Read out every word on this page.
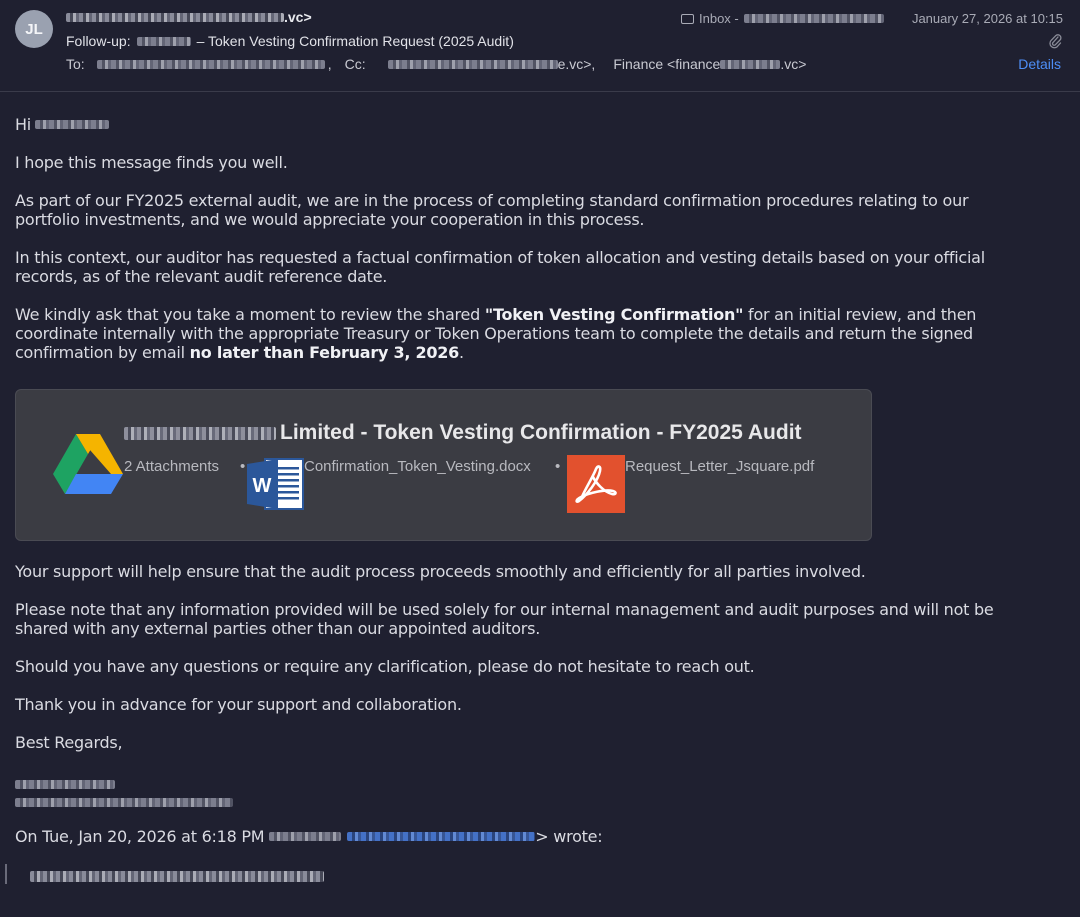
JL
.vc>
Follow-up:	– Token Vesting Confirmation Request (2025 Audit)
To:	, Cc:	e.vc>, Finance <finance	.vc>
Inbox -	January 27, 2026 at 10:15
Details
Hi
I hope this message finds you well.
As part of our FY2025 external audit, we are in the process of completing standard confirmation procedures relating to our portfolio investments, and we would appreciate your cooperation in this process.
In this context, our auditor has requested a factual confirmation of token allocation and vesting details based on your official records, as of the relevant audit reference date.
We kindly ask that you take a moment to review the shared "Token Vesting Confirmation" for an initial review, and then coordinate internally with the appropriate Treasury or Token Operations team to complete the details and return the signed confirmation by email no later than February 3, 2026.
Your support will help ensure that the audit process proceeds smoothly and efficiently for all parties involved.
Please note that any information provided will be used solely for our internal management and audit purposes and will not be shared with any external parties other than our appointed auditors.
Should you have any questions or require any clarification, please do not hesitate to reach out.
Thank you in advance for your support and collaboration.
Best Regards,
On Tue, Jan 20, 2026 at 6:18 PM	> wrote:
Limited - Token Vesting Confirmation - FY2025 Audit
2 Attachments •	Confirmation_Token_Vesting.docx •	Request_Letter_Jsquare.pdf
W
